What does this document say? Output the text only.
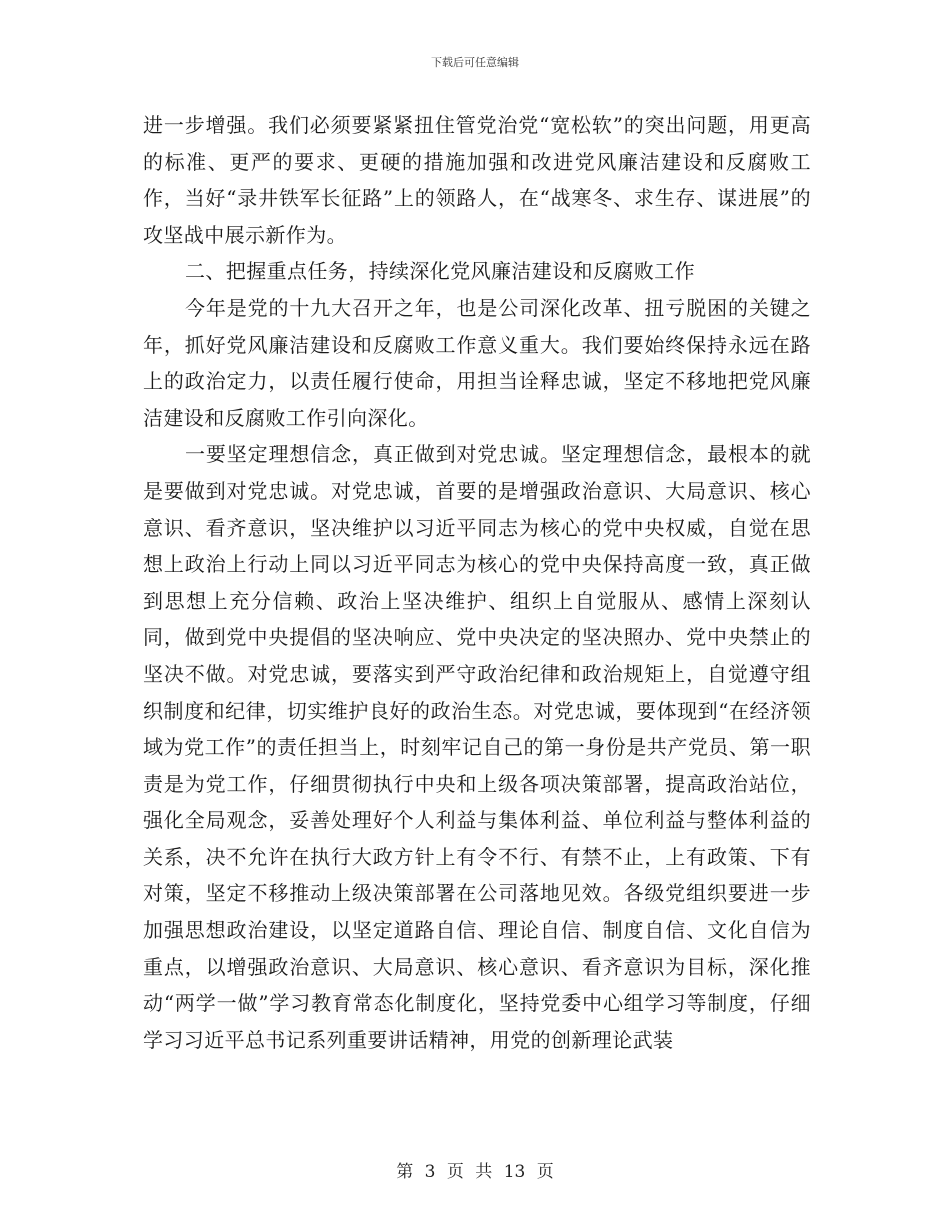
下载后可任意编辑

进一步增强。我们必须要紧紧扭住管党治党“宽松软”的突出问题，用更高的标准、更严的要求、更硬的措施加强和改进党风廉洁建设和反腐败工作，当好“录井铁军长征路”上的领路人，在“战寒冬、求生存、谋进展”的攻坚战中展示新作为。

二、把握重点任务，持续深化党风廉洁建设和反腐败工作

今年是党的十九大召开之年，也是公司深化改革、扭亏脱困的关键之年，抓好党风廉洁建设和反腐败工作意义重大。我们要始终保持永远在路上的政治定力，以责任履行使命，用担当诠释忠诚，坚定不移地把党风廉洁建设和反腐败工作引向深化。

一要坚定理想信念，真正做到对党忠诚。坚定理想信念，最根本的就是要做到对党忠诚。对党忠诚，首要的是增强政治意识、大局意识、核心意识、看齐意识，坚决维护以习近平同志为核心的党中央权威，自觉在思想上政治上行动上同以习近平同志为核心的党中央保持高度一致，真正做到思想上充分信赖、政治上坚决维护、组织上自觉服从、感情上深刻认同，做到党中央提倡的坚决响应、党中央决定的坚决照办、党中央禁止的坚决不做。对党忠诚，要落实到严守政治纪律和政治规矩上，自觉遵守组织制度和纪律，切实维护良好的政治生态。对党忠诚，要体现到“在经济领域为党工作”的责任担当上，时刻牢记自己的第一身份是共产党员、第一职责是为党工作，仔细贯彻执行中央和上级各项决策部署，提高政治站位，强化全局观念，妥善处理好个人利益与集体利益、单位利益与整体利益的关系，决不允许在执行大政方针上有令不行、有禁不止，上有政策、下有对策，坚定不移推动上级决策部署在公司落地见效。各级党组织要进一步加强思想政治建设，以坚定道路自信、理论自信、制度自信、文化自信为重点，以增强政治意识、大局意识、核心意识、看齐意识为目标，深化推动“两学一做”学习教育常态化制度化，坚持党委中心组学习等制度，仔细学习习近平总书记系列重要讲话精神，用党的创新理论武装

第 3 页 共 13 页
